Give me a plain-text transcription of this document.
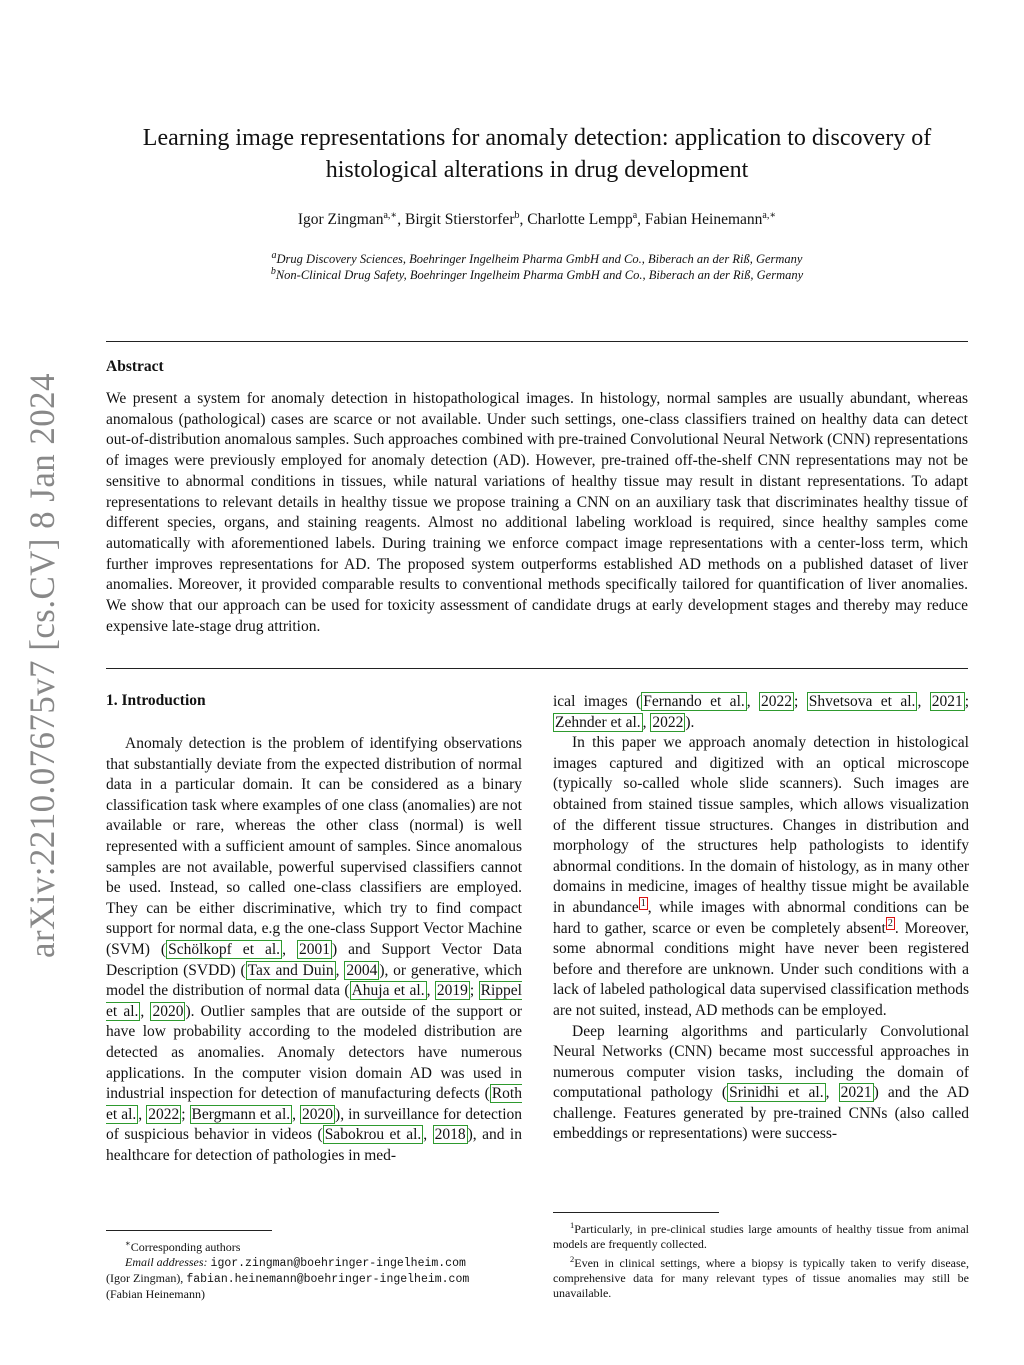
arXiv:2210.07675v7 [cs.CV] 8 Jan 2024
Learning image representations for anomaly detection: application to discovery of
histological alterations in drug development
Igor Zingman$^{a,∗}$, Birgit Stierstorfer$^b$, Charlotte Lempp$^a$, Fabian Heinemann$^{a,∗}$
$^a$Drug Discovery Sciences, Boehringer Ingelheim Pharma GmbH and Co., Biberach an der Riß, Germany
$^b$Non-Clinical Drug Safety, Boehringer Ingelheim Pharma GmbH and Co., Biberach an der Riß, Germany
Abstract
We present a system for anomaly detection in histopathological images. In histology, normal samples are usually abundant, whereas anomalous (pathological) cases are scarce or not available. Under such settings, one-class classifiers trained on healthy data can detect out-of-distribution anomalous samples. Such approaches combined with pre-trained Convolutional Neural Network (CNN) representations of images were previously employed for anomaly detection (AD). However, pre-trained off-the-shelf CNN representations may not be sensitive to abnormal conditions in tissues, while natural variations of healthy tissue may result in distant representations. To adapt representations to relevant details in healthy tissue we propose training a CNN on an auxiliary task that discriminates healthy tissue of different species, organs, and staining reagents. Almost no additional labeling workload is required, since healthy samples come automatically with aforementioned labels. During training we enforce compact image representations with a center-loss term, which further improves representations for AD. The proposed system outperforms established AD methods on a published dataset of liver anomalies. Moreover, it provided comparable results to conventional methods specifically tailored for quantification of liver anomalies. We show that our approach can be used for toxicity assessment of candidate drugs at early development stages and thereby may reduce expensive late-stage drug attrition.
1. Introduction

Anomaly detection is the problem of identifying observations that substantially deviate from the expected distribution of normal data in a particular domain. It can be considered as a binary classification task where examples of one class (anomalies) are not available or rare, whereas the other class (normal) is well represented with a sufficient amount of samples. Since anomalous samples are not available, powerful supervised classifiers cannot be used. Instead, so called one-class classifiers are employed. They can be either discriminative, which try to find compact support for normal data, e.g the one-class Support Vector Machine (SVM) ( Schölkopf et al. , 2001 ) and Support Vector Data Description (SVDD) ( Tax and Duin , 2004 ), or generative, which model the distribution of normal data ( Ahuja et al. , 2019 ; Rippel et al. , 2020 ). Outlier samples that are outside of the support or have low probability according to the modeled distribution are detected as anomalies. Anomaly detectors have numerous applications. In the computer vision domain AD was used in industrial inspection for detection of manufacturing defects ( Roth et al. , 2022 ; Bergmann et al. , 2020 ), in surveillance for detection of suspicious behavior in videos ( Sabokrou et al. , 2018 ), and in healthcare for detection of pathologies in med-

ical images ( Fernando et al. , 2022 ; Shvetsova et al. , 2021 ; Zehnder et al. , 2022 ).

In this paper we approach anomaly detection in histological images captured and digitized with an optical microscope (typically so-called whole slide scanners). Such images are obtained from stained tissue samples, which allows visualization of the different tissue structures. Changes in distribution and morphology of the structures help pathologists to identify abnormal conditions. In the domain of histology, as in many other domains in medicine, images of healthy tissue might be available in abundance $^1$ , while images with abnormal conditions can be hard to gather, scarce or even be completely absent $^2$ . Moreover, some abnormal conditions might have never been registered before and therefore are unknown. Under such conditions with a lack of labeled pathological data supervised classification methods are not suited, instead, AD methods can be employed.

Deep learning algorithms and particularly Convolutional Neural Networks (CNN) became most successful approaches in numerous computer vision tasks, including the domain of computational pathology ( Srinidhi et al. , 2021 ) and the AD challenge. Features generated by pre-trained CNNs (also called embeddings or representations) were success-

∗Corresponding authors
Email addresses: igor.zingman@boehringer-ingelheim.com
(Igor Zingman), fabian.heinemann@boehringer-ingelheim.com
(Fabian Heinemann)
$^1$Particularly, in pre-clinical studies large amounts of healthy tissue from animal models are frequently collected.
$^2$Even in clinical settings, where a biopsy is typically taken to verify disease, comprehensive data for many relevant types of tissue anomalies may still be unavailable.
